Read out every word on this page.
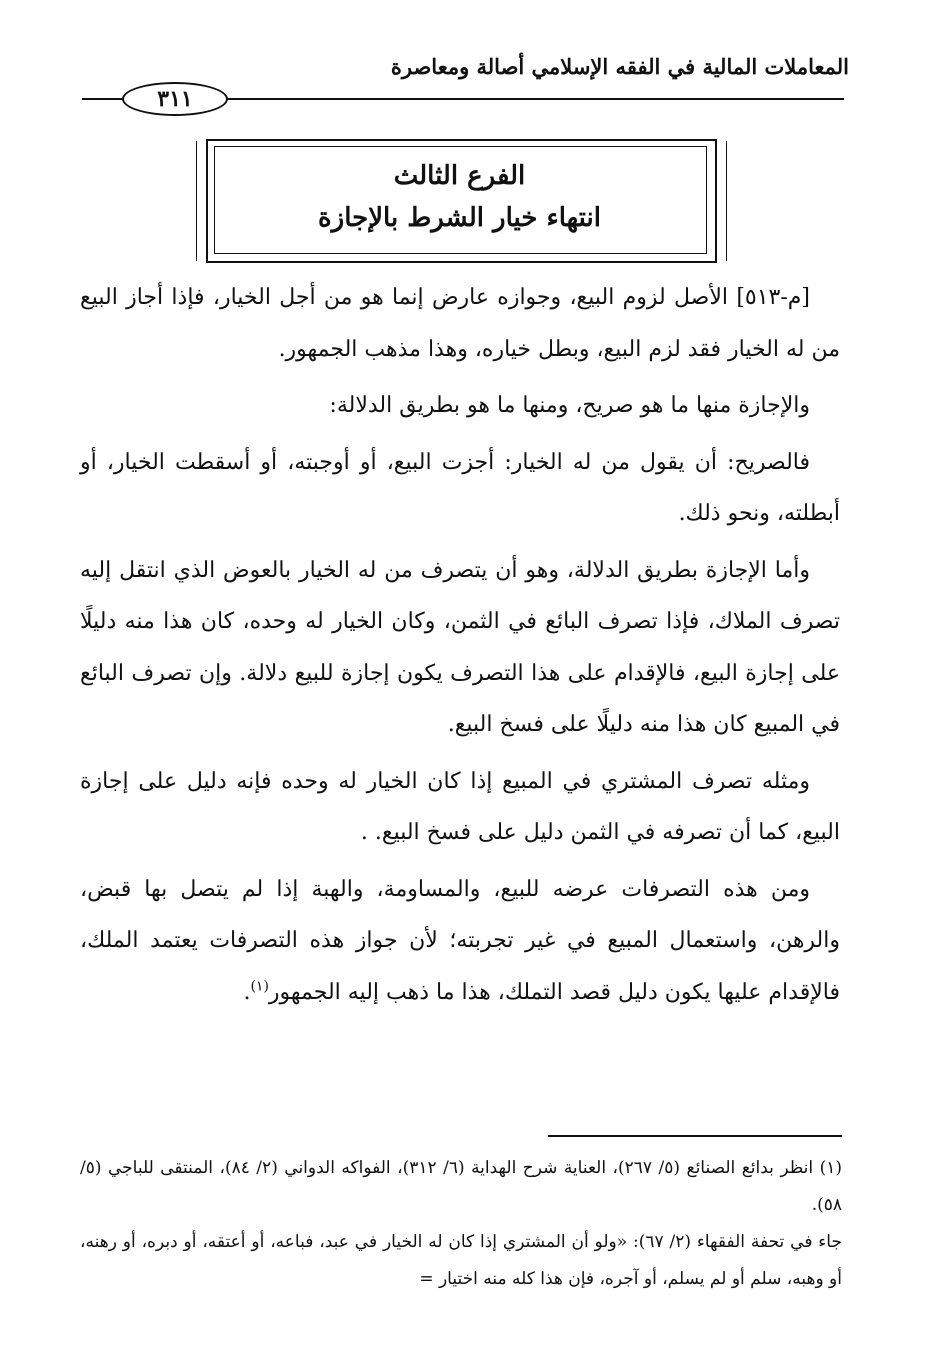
المعاملات المالية في الفقه الإسلامي أصالة ومعاصرة
٣١١
الفرع الثالث
انتهاء خيار الشرط بالإجازة

[م-٥١٣] الأصل لزوم البيع، وجوازه عارض إنما هو من أجل الخيار، فإذا أجاز البيع من له الخيار فقد لزم البيع، وبطل خياره، وهذا مذهب الجمهور.

والإجازة منها ما هو صريح، ومنها ما هو بطريق الدلالة:

فالصريح: أن يقول من له الخيار: أجزت البيع، أو أوجبته، أو أسقطت الخيار، أو أبطلته، ونحو ذلك.

وأما الإجازة بطريق الدلالة، وهو أن يتصرف من له الخيار بالعوض الذي انتقل إليه تصرف الملاك، فإذا تصرف البائع في الثمن، وكان الخيار له وحده، كان هذا منه دليلًا على إجازة البيع، فالإقدام على هذا التصرف يكون إجازة للبيع دلالة. وإن تصرف البائع في المبيع كان هذا منه دليلًا على فسخ البيع.

ومثله تصرف المشتري في المبيع إذا كان الخيار له وحده فإنه دليل على إجازة البيع، كما أن تصرفه في الثمن دليل على فسخ البيع. .

ومن هذه التصرفات عرضه للبيع، والمساومة، والهبة إذا لم يتصل بها قبض، والرهن، واستعمال المبيع في غير تجربته؛ لأن جواز هذه التصرفات يعتمد الملك، فالإقدام عليها يكون دليل قصد التملك، هذا ما ذهب إليه الجمهور$^{(١)}$.

(١) انظر بدائع الصنائع (٥/ ٢٦٧)، العناية شرح الهداية (٦/ ٣١٢)، الفواكه الدواني (٢/ ٨٤)، المنتقى للباجي (٥/ ٥٨).

جاء في تحفة الفقهاء (٢/ ٦٧): «ولو أن المشتري إذا كان له الخيار في عبد، فباعه، أو أعتقه، أو دبره، أو رهنه، أو وهبه، سلم أو لم يسلم، أو آجره، فإن هذا كله منه اختيار =
